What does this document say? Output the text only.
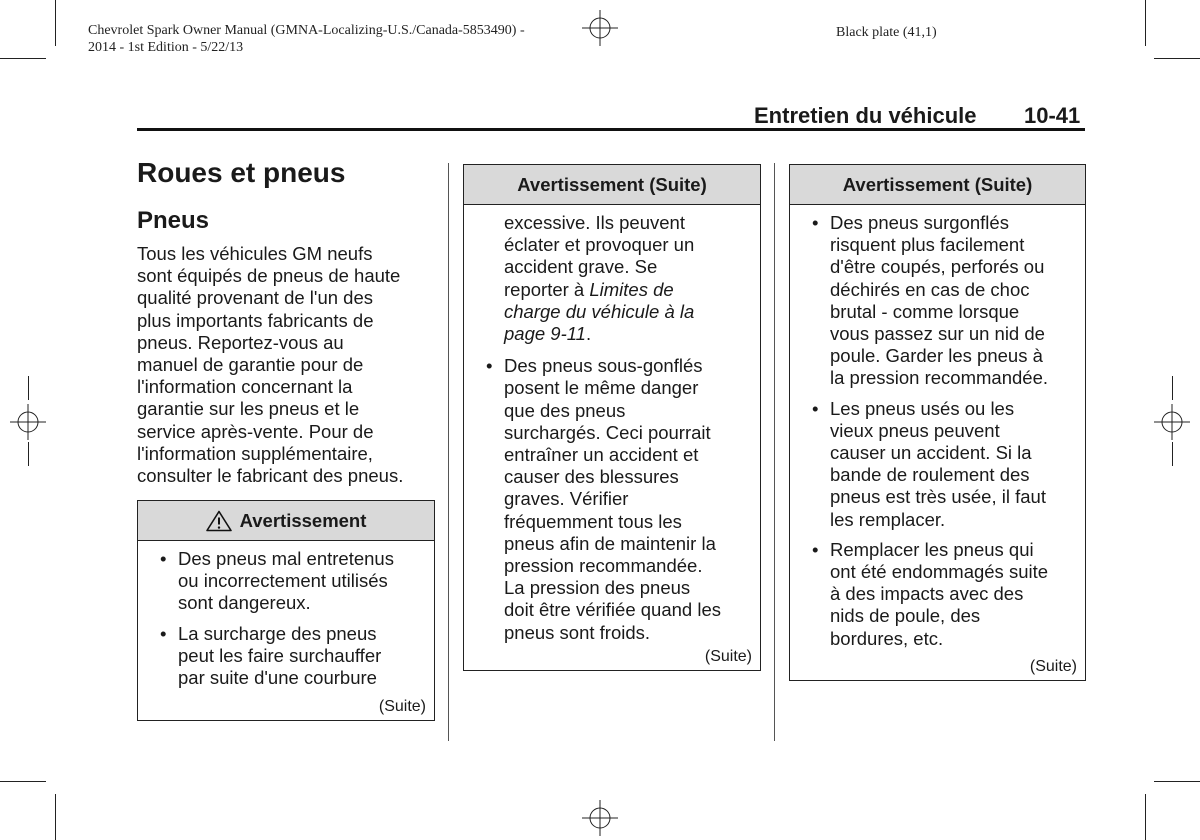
Chevrolet Spark Owner Manual (GMNA-Localizing-U.S./Canada-5853490) -
2014 - 1st Edition - 5/22/13
Black plate (41,1)
Entretien du véhicule 10-41
Roues et pneus
Pneus
Tous les véhicules GM neufs
sont équipés de pneus de haute
qualité provenant de l'un des
plus importants fabricants de
pneus. Reportez-vous au
manuel de garantie pour de
l'information concernant la
garantie sur les pneus et le
service après-vente. Pour de
l'information supplémentaire,
consulter le fabricant des pneus.
Avertissement
• Des pneus mal entretenus
ou incorrectement utilisés
sont dangereux.
• La surcharge des pneus
peut les faire surchauffer
par suite d'une courbure
(Suite)
Avertissement (Suite)
excessive. Ils peuvent
éclater et provoquer un
accident grave. Se
reporter à Limites de
charge du véhicule à la
page 9-11.
• Des pneus sous-gonflés
posent le même danger
que des pneus
surchargés. Ceci pourrait
entraîner un accident et
causer des blessures
graves. Vérifier
fréquemment tous les
pneus afin de maintenir la
pression recommandée.
La pression des pneus
doit être vérifiée quand les
pneus sont froids.
(Suite)
Avertissement (Suite)
• Des pneus surgonflés
risquent plus facilement
d'être coupés, perforés ou
déchirés en cas de choc
brutal - comme lorsque
vous passez sur un nid de
poule. Garder les pneus à
la pression recommandée.
• Les pneus usés ou les
vieux pneus peuvent
causer un accident. Si la
bande de roulement des
pneus est très usée, il faut
les remplacer.
• Remplacer les pneus qui
ont été endommagés suite
à des impacts avec des
nids de poule, des
bordures, etc.
(Suite)
